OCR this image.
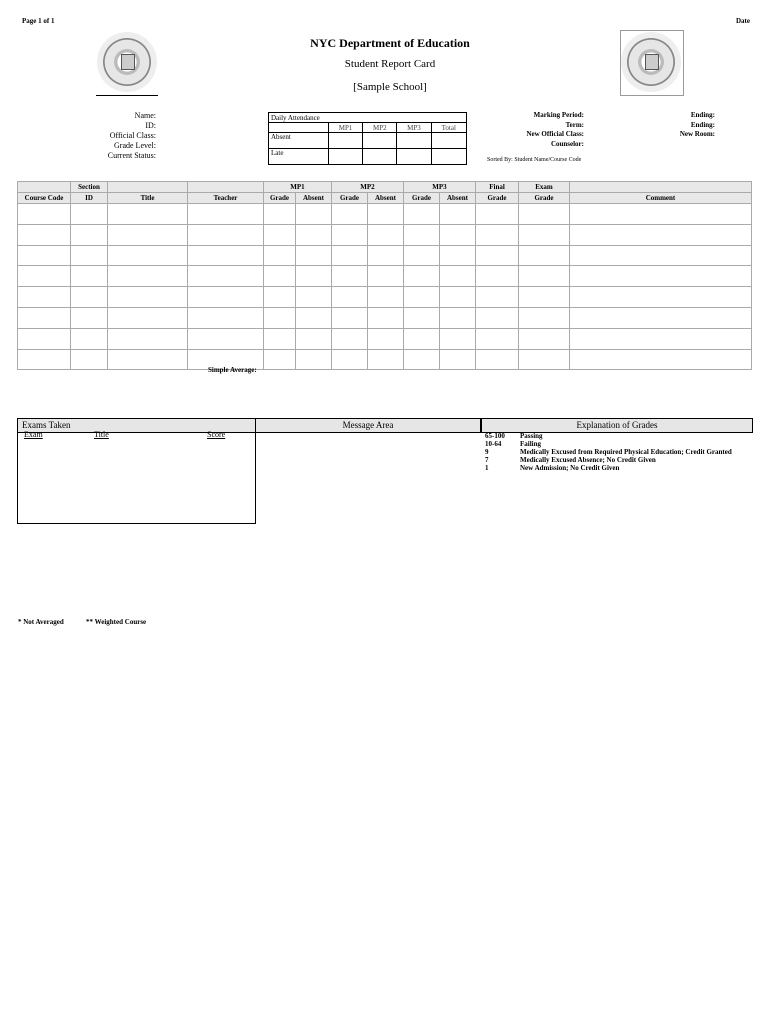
Page 1 of 1	Date
NYC Department of Education
Student Report Card
[Sample School]
Name:
ID:
Official Class:
Grade Level:
Current Status:
Daily Attendance				
	MP1	MP2	MP3	Total
Absent				
Late				
Marking Period:
Term:
New Official Class:
Counselor:
Ending:
Ending:
New Room:
Sorted By: Student Name/Course Code
	Section			MP1		MP2		MP3		Final	Exam	
Course Code	ID	Title	Teacher	Grade	Absent	Grade	Absent	Grade	Absent	Grade	Grade	Comment

Simple Average:
Exams Taken	Message Area	Explanation of Grades
Exam	Title	Score	65-100 Passing
10-64	Failing
9	Medically Excused from Required Physical Education; Credit Granted
7	Medically Excused Absence; No Credit Given
1	New Admission; No Credit Given
* Not Averaged	** Weighted Course
